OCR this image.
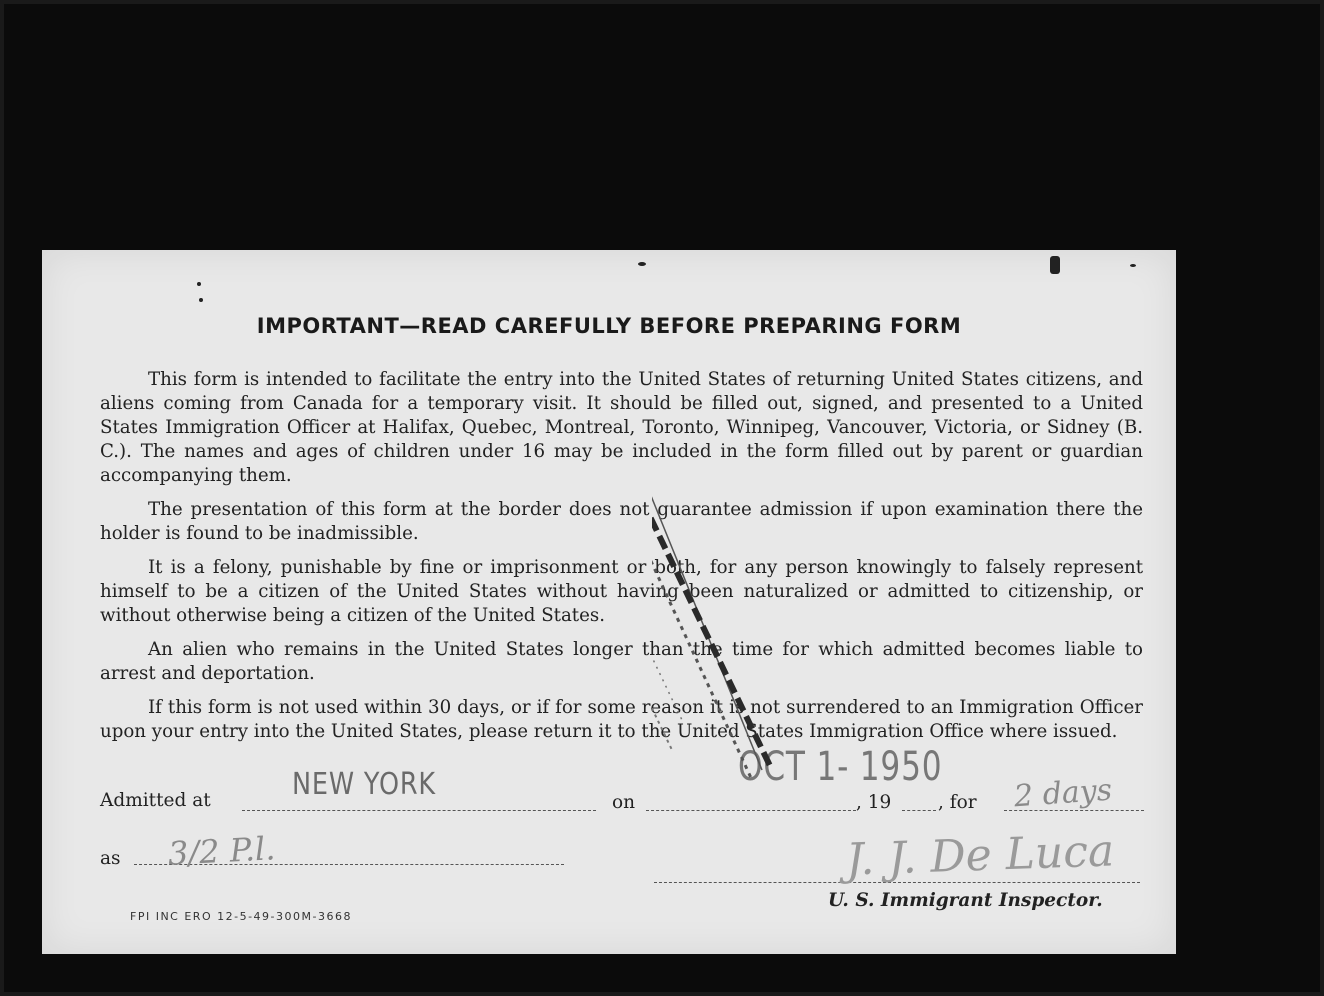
IMPORTANT—READ CAREFULLY BEFORE PREPARING FORM
This form is intended to facilitate the entry into the United States of returning United States citizens, and aliens coming from Canada for a temporary visit. It should be filled out, signed, and presented to a United States Immigration Officer at Halifax, Quebec, Montreal, Toronto, Winnipeg, Vancouver, Victoria, or Sidney (B. C.). The names and ages of children under 16 may be included in the form filled out by parent or guardian accompanying them.
The presentation of this form at the border does not guarantee admission if upon examination there the holder is found to be inadmissible.
It is a felony, punishable by fine or imprisonment or both, for any person knowingly to falsely represent himself to be a citizen of the United States without having been naturalized or admitted to citizenship, or without otherwise being a citizen of the United States.
An alien who remains in the United States longer than the time for which admitted becomes liable to arrest and deportation.
If this form is not used within 30 days, or if for some reason it is not surrendered to an Immigration Officer upon your entry into the United States, please return it to the United States Immigration Office where issued.
Admitted at	NEW YORK
on
OCT 1- 1950
, 19	, for 2 days
as 3/2 P.l.	J. J. De Luca
U. S. Immigrant Inspector.
FPI INC ERO 12-5-49-300M-3668
